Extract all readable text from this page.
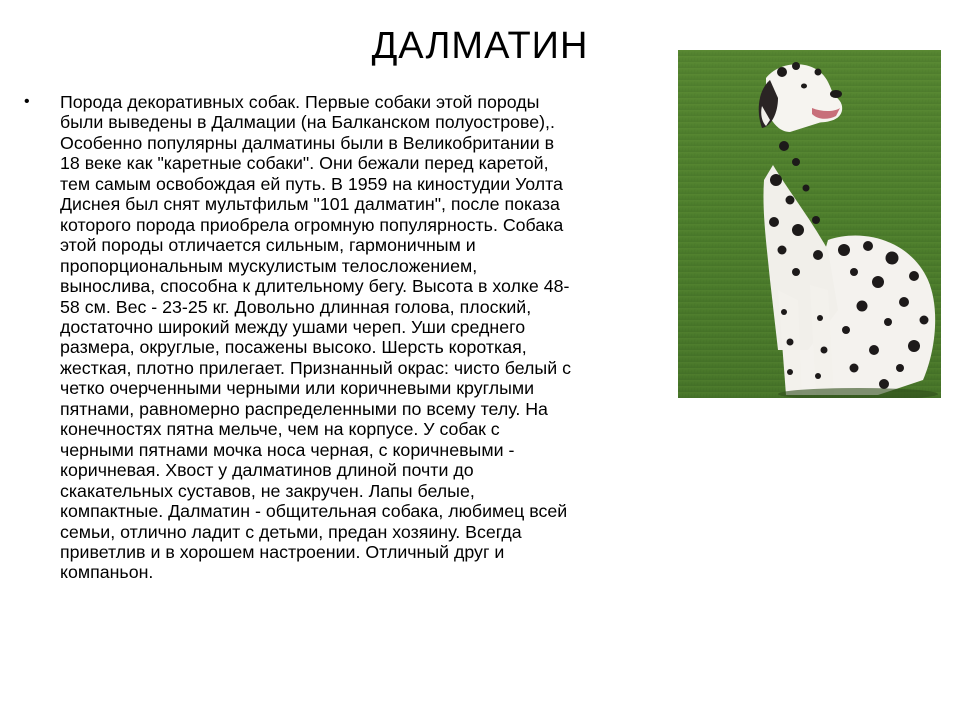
ДАЛМАТИН
•	Порода декоративных собак. Первые собаки этой породы
были выведены в Далмации (на Балканском полуострове),.
Особенно популярны далматины были в Великобритании в
18 веке как "каретные собаки". Они бежали перед каретой,
тем самым освобождая ей путь. В 1959 на киностудии Уолта
Диснея был снят мультфильм "101 далматин", после показа
которого порода приобрела огромную популярность. Собака
этой породы отличается сильным, гармоничным и
пропорциональным мускулистым телосложением,
вынослива, способна к длительному бегу. Высота в холке 48-
58 см. Вес - 23-25 кг. Довольно длинная голова, плоский,
достаточно широкий между ушами череп. Уши среднего
размера, округлые, посажены высоко. Шерсть короткая,
жесткая, плотно прилегает. Признанный окрас: чисто белый с
четко очерченными черными или коричневыми круглыми
пятнами, равномерно распределенными по всему телу. На
конечностях пятна мельче, чем на корпусе. У собак с
черными пятнами мочка носа черная, с коричневыми -
коричневая. Хвост у далматинов длиной почти до
скакательных суставов, не закручен. Лапы белые,
компактные. Далматин - общительная собака, любимец всей
семьи, отлично ладит с детьми, предан хозяину. Всегда
приветлив и в хорошем настроении. Отличный друг и
компаньон.
